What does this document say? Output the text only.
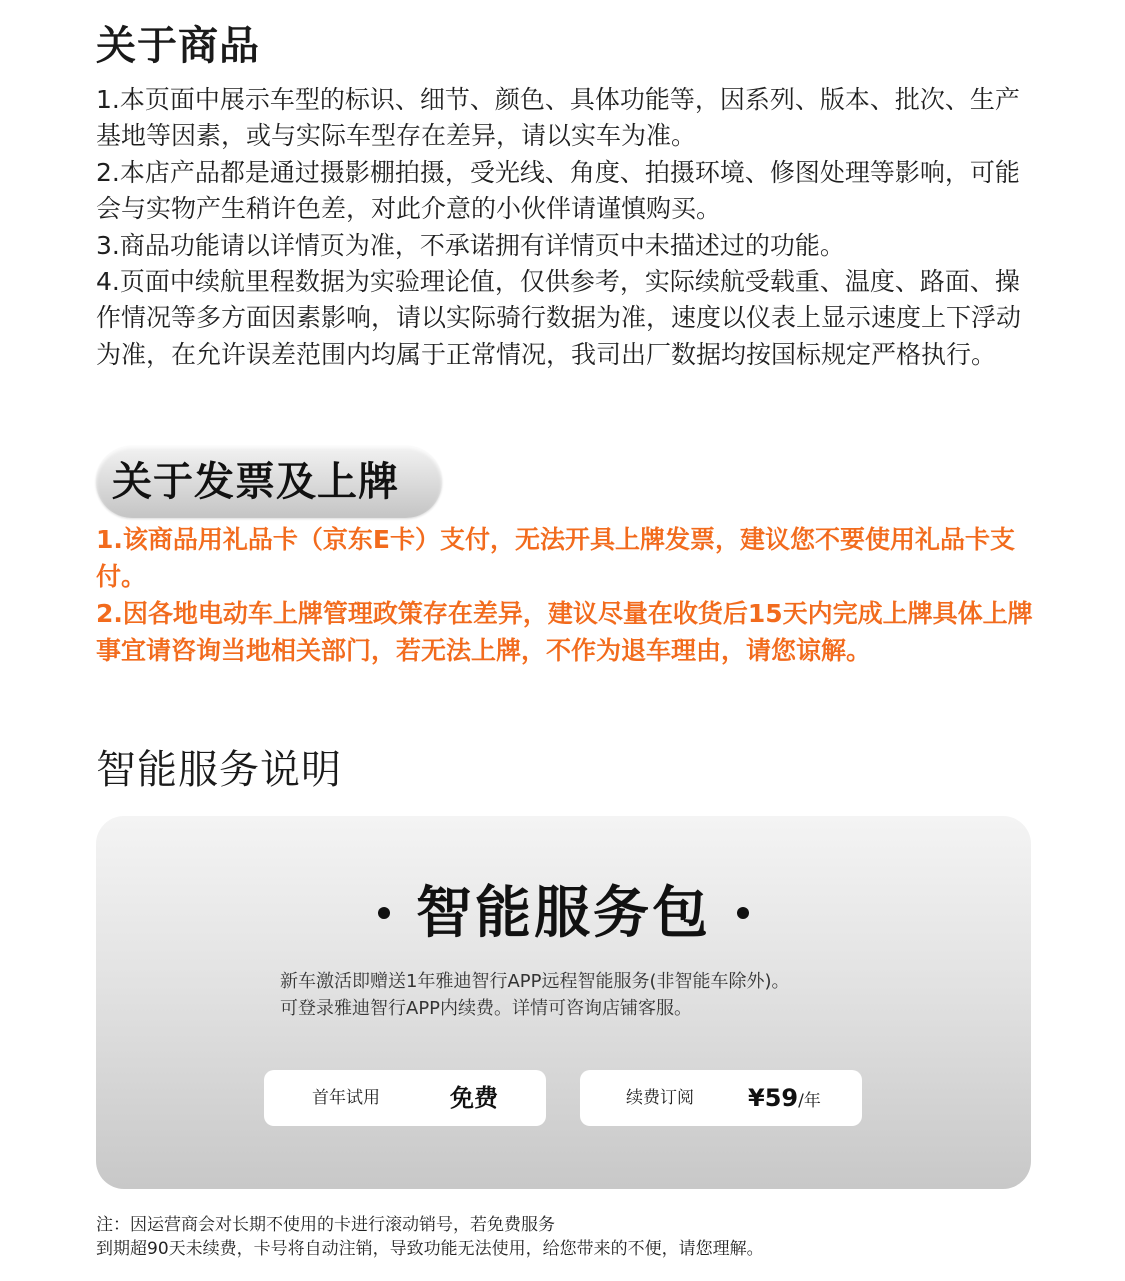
关于商品

1.本页面中展示车型的标识、细节、颜色、具体功能等，因系列、版本、批次、生产基地等因素，或与实际车型存在差异，请以实车为准。

2.本店产品都是通过摄影棚拍摄，受光线、角度、拍摄环境、修图处理等影响，可能会与实物产生稍许色差，对此介意的小伙伴请谨慎购买。

3.商品功能请以详情页为准，不承诺拥有详情页中未描述过的功能。

4.页面中续航里程数据为实验理论值，仅供参考，实际续航受载重、温度、路面、操作情况等多方面因素影响，请以实际骑行数据为准，速度以仪表上显示速度上下浮动为准，在允许误差范围内均属于正常情况，我司出厂数据均按国标规定严格执行。

关于发票及上牌

1.该商品用礼品卡（京东E卡）支付，无法开具上牌发票，建议您不要使用礼品卡支付。

2.因各地电动车上牌管理政策存在差异，建议尽量在收货后15天内完成上牌具体上牌事宜请咨询当地相关部门，若无法上牌，不作为退车理由，请您谅解。

智能服务说明
智能服务包

新车激活即赠送1年雅迪智行APP远程智能服务(非智能车除外)。

可登录雅迪智行APP内续费。详情可咨询店铺客服。

首年试用	免费	续费订阅 ¥59/年

注：因运营商会对长期不使用的卡进行滚动销号，若免费服务

到期超90天未续费，卡号将自动注销，导致功能无法使用，给您带来的不便，请您理解。
